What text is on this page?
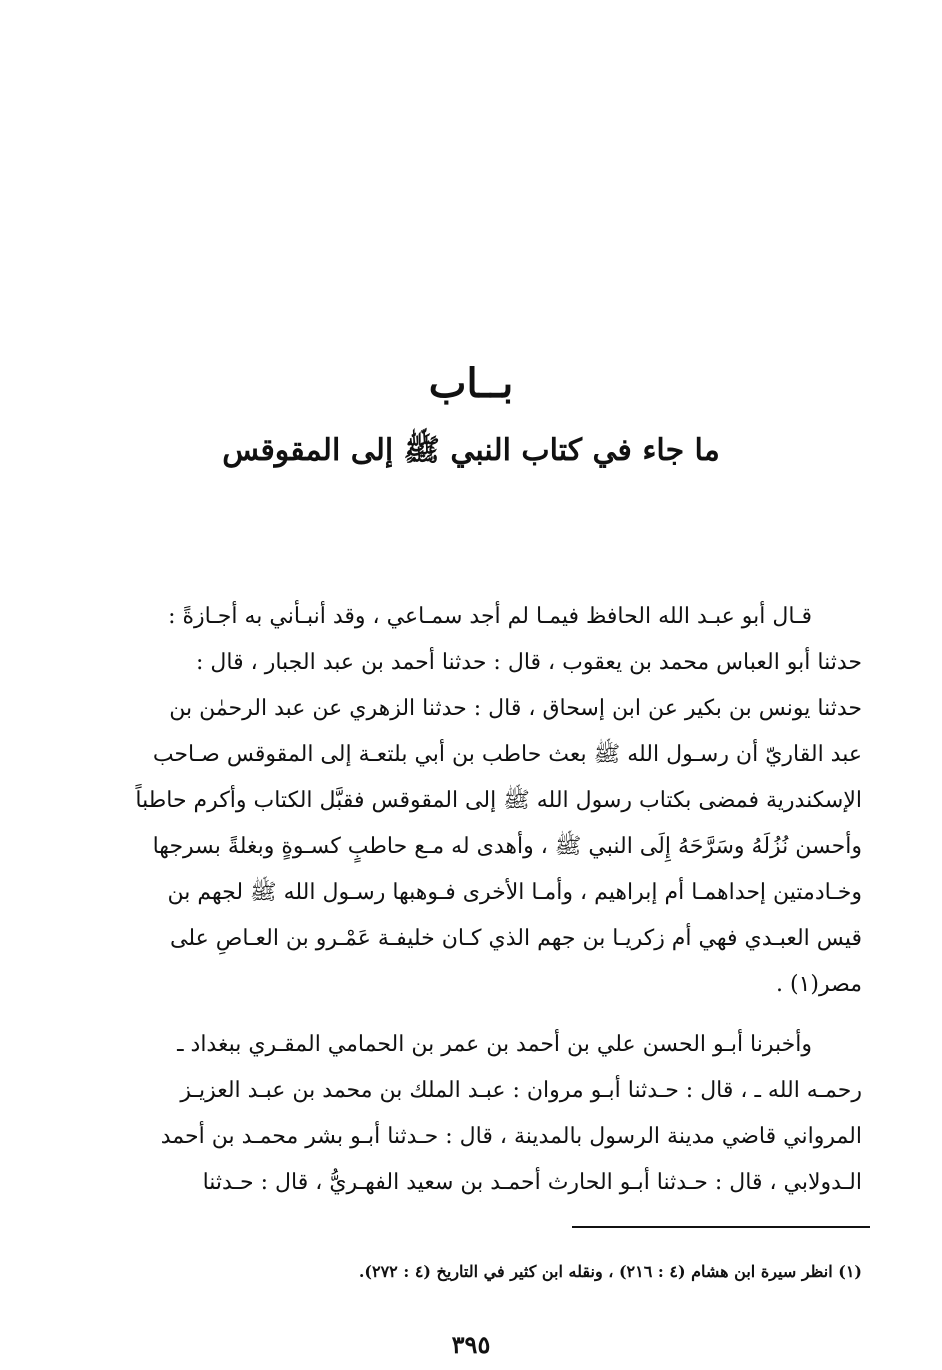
بــاب
ما جاء في كتاب النبي ﷺ إلى المقوقس
قـال أبو عبـد الله الحافظ فيمـا لم أجد سمـاعي ، وقد أنبـأني به أجـازةً :
حدثنا أبو العباس محمد بن يعقوب ، قال : حدثنا أحمد بن عبد الجبار ، قال :
حدثنا يونس بن بكير عن ابن إسحاق ، قال : حدثنا الزهري عن عبد الرحمٰن بن
عبد القاريّ أن رسـول الله ﷺ بعث حاطب بن أبي بلتعـة إلى المقوقس صـاحب
الإسكندرية فمضى بكتاب رسول الله ﷺ إلى المقوقس فقبَّل الكتاب وأكرم حاطباً
وأحسن نُزُلَهُ وسَرَّحَهُ إِلَى النبي ﷺ ، وأهدى له مـع حاطبٍ كسـوةٍ وبغلةً بسرجها
وخـادمتين إحداهمـا أم إبراهيم ، وأمـا الأخرى فـوهبها رسـول الله ﷺ لجهم بن
قيس العبـدي فهي أم زكريـا بن جهم الذي كـان خليفـة عَمْـرو بن العـاصِ على
مصر(١) .
وأخبرنا أبـو الحسن علي بن أحمد بن عمر بن الحمامي المقـري ببغداد ـ
رحمـه الله ـ ، قال : حـدثنا أبـو مروان : عبـد الملك بن محمد بن عبـد العزيـز
المرواني قاضي مدينة الرسول بالمدينة ، قال : حـدثنا أبـو بشر محمـد بن أحمد
الـدولابي ، قال : حـدثنا أبـو الحارث أحمـد بن سعيد الفهـريُّ ، قال : حـدثنا
(١) انظر سيرة ابن هشام (٤ : ٢١٦) ، ونقله ابن كثير في التاريخ (٤ : ٢٧٢).
٣٩٥
